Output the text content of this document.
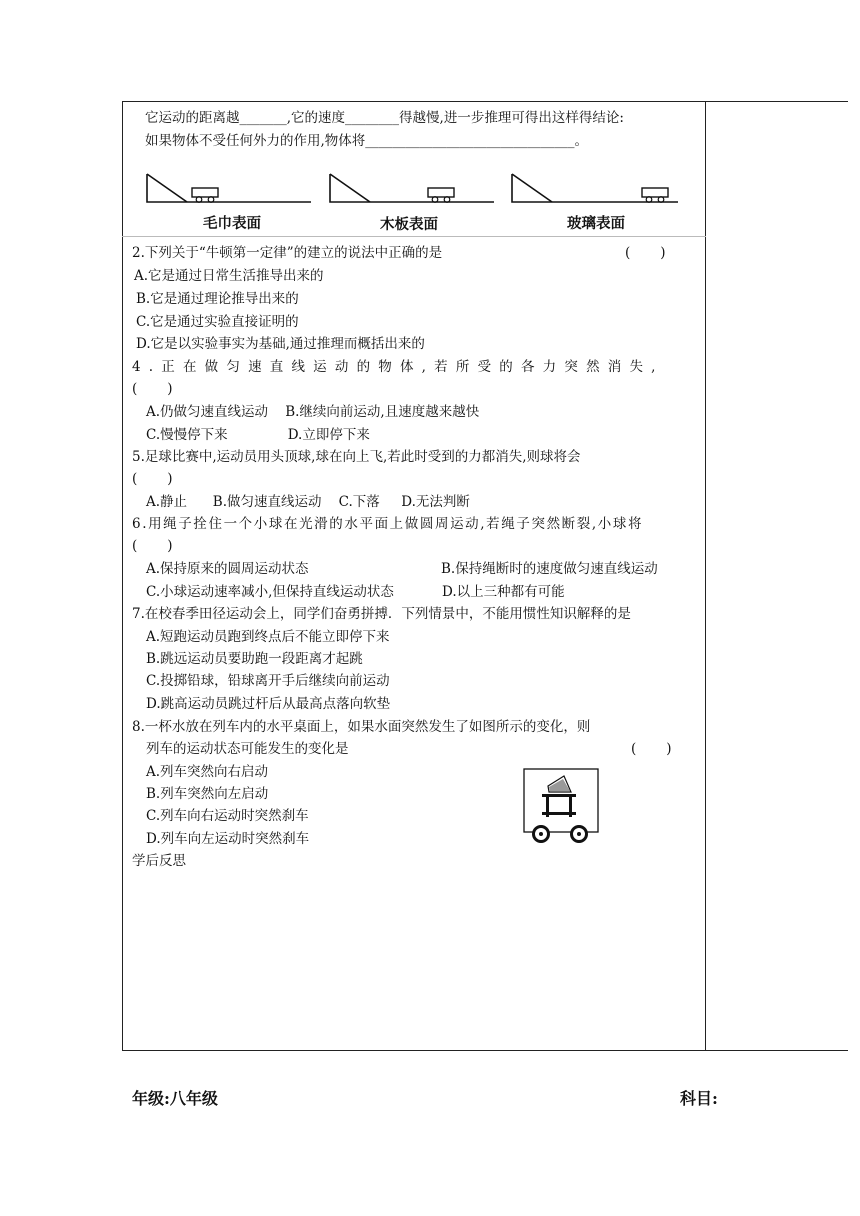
它运动的距离越_______,它的速度________得越慢,进一步推理可得出这样得结论:
如果物体不受任何外力的作用,物体将_______________________________。
毛巾表面	木板表面	玻璃表面
2.下列关于“牛顿第一定律”的建立的说法中正确的是	(       )
A.它是通过日常生活推导出来的
B.它是通过理论推导出来的
C.它是通过实验直接证明的
D.它是以实验事实为基础,通过推理而概括出来的
4.正在做匀速直线运动的物体,若所受的各力突然消失,
(       )
A.仍做匀速直线运动    B.继续向前运动,且速度越来越快
C.慢慢停下来              D.立即停下来
5.足球比赛中,运动员用头顶球,球在向上飞,若此时受到的力都消失,则球将会
(       )
A.静止      B.做匀速直线运动    C.下落     D.无法判断
6.用绳子拴住一个小球在光滑的水平面上做圆周运动,若绳子突然断裂,小球将
(       )
A.保持原来的圆周运动状态	B.保持绳断时的速度做匀速直线运动
C.小球运动速率减小,但保持直线运动状态	D.以上三种都有可能
7.在校春季田径运动会上，同学们奋勇拼搏．下列情景中，不能用惯性知识解释的是
A.短跑运动员跑到终点后不能立即停下来
B.跳远运动员要助跑一段距离才起跳
C.投掷铅球，铅球离开手后继续向前运动
D.跳高运动员跳过杆后从最高点落向软垫
8.一杯水放在列车内的水平桌面上，如果水面突然发生了如图所示的变化，则
列车的运动状态可能发生的变化是	(       )
A.列车突然向右启动
B.列车突然向左启动
C.列车向右运动时突然刹车
D.列车向左运动时突然刹车
学后反思
年级:八年级	科目:
